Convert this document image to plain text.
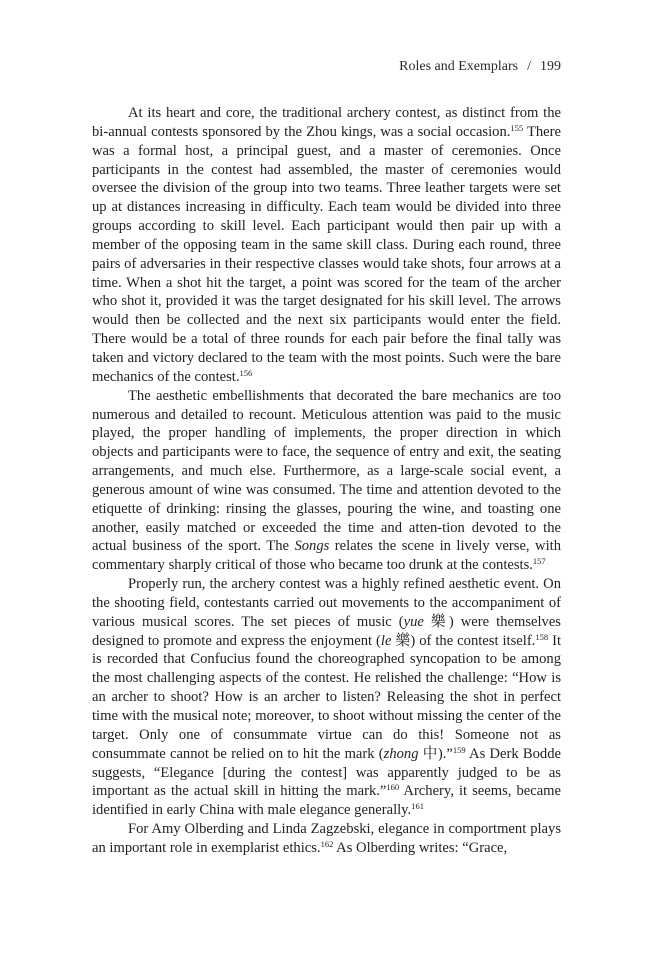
Roles and Exemplars / 199

At its heart and core, the traditional archery contest, as distinct from the bi-annual contests sponsored by the Zhou kings, was a social occasion.$^{155}$ There was a formal host, a principal guest, and a master of ceremonies. Once participants in the contest had assembled, the master of ceremonies would oversee the division of the group into two teams. Three leather targets were set up at distances increasing in difficulty. Each team would be divided into three groups according to skill level. Each participant would then pair up with a member of the opposing team in the same skill class. During each round, three pairs of adversaries in their respective classes would take shots, four arrows at a time. When a shot hit the target, a point was scored for the team of the archer who shot it, provided it was the target designated for his skill level. The arrows would then be collected and the next six participants would enter the field. There would be a total of three rounds for each pair before the final tally was taken and victory declared to the team with the most points. Such were the bare mechanics of the contest.$^{156}$

The aesthetic embellishments that decorated the bare mechanics are too numerous and detailed to recount. Meticulous attention was paid to the music played, the proper handling of implements, the proper direction in which objects and participants were to face, the sequence of entry and exit, the seating arrangements, and much else. Furthermore, as a large-scale social event, a generous amount of wine was consumed. The time and attention devoted to the etiquette of drinking: rinsing the glasses, pouring the wine, and toasting one another, easily matched or exceeded the time and atten-tion devoted to the actual business of the sport. The Songs relates the scene in lively verse, with commentary sharply critical of those who became too drunk at the contests.$^{157}$

Properly run, the archery contest was a highly refined aesthetic event. On the shooting field, contestants carried out movements to the accompaniment of various musical scores. The set pieces of music (yue 樂) were themselves designed to promote and express the enjoyment (le 樂) of the contest itself.$^{158}$ It is recorded that Confucius found the choreographed syncopation to be among the most challenging aspects of the contest. He relished the challenge: “How is an archer to shoot? How is an archer to listen? Releasing the shot in perfect time with the musical note; moreover, to shoot without missing the center of the target. Only one of consummate virtue can do this! Someone not as consummate cannot be relied on to hit the mark (zhong 中).”$^{159}$ As Derk Bodde suggests, “Elegance [during the contest] was apparently judged to be as important as the actual skill in hitting the mark.”$^{160}$ Archery, it seems, became identified in early China with male elegance generally.$^{161}$

For Amy Olberding and Linda Zagzebski, elegance in comportment plays an important role in exemplarist ethics.$^{162}$ As Olberding writes: “Grace,
